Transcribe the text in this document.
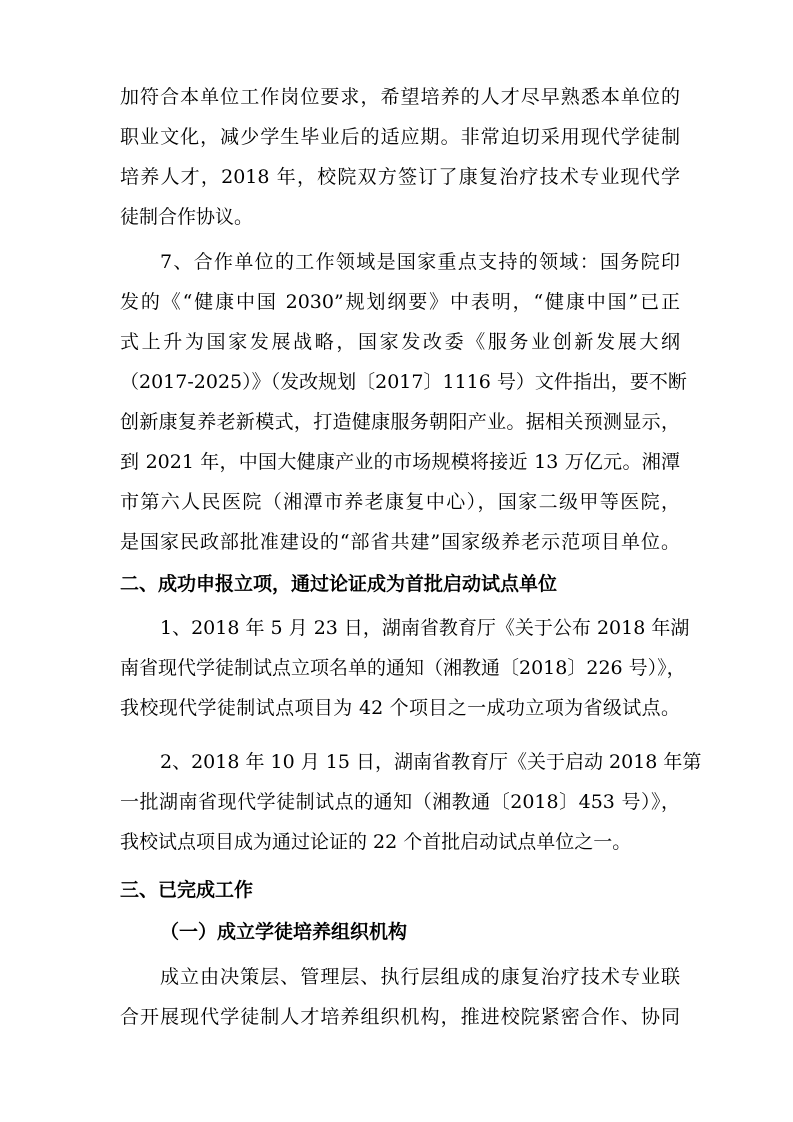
加符合本单位工作岗位要求，希望培养的人才尽早熟悉本单位的
职业文化，减少学生毕业后的适应期。非常迫切采用现代学徒制
培养人才，2018 年，校院双方签订了康复治疗技术专业现代学
徒制合作协议。
7、合作单位的工作领域是国家重点支持的领域：国务院印
发的《“健康中国 2030”规划纲要》中表明，“健康中国”已正
式上升为国家发展战略，国家发改委《服务业创新发展大纲
（2017-2025）》（发改规划〔2017〕1116 号）文件指出，要不断
创新康复养老新模式，打造健康服务朝阳产业。据相关预测显示，
到 2021 年，中国大健康产业的市场规模将接近 13 万亿元。湘潭
市第六人民医院（湘潭市养老康复中心），国家二级甲等医院，
是国家民政部批准建设的“部省共建”国家级养老示范项目单位。
二、成功申报立项，通过论证成为首批启动试点单位
1、2018 年 5 月 23 日，湖南省教育厅《关于公布 2018 年湖
南省现代学徒制试点立项名单的通知（湘教通〔2018〕226 号）》，
我校现代学徒制试点项目为 42 个项目之一成功立项为省级试点。
2、2018 年 10 月 15 日，湖南省教育厅《关于启动 2018 年第
一批湖南省现代学徒制试点的通知（湘教通〔2018〕453 号）》，
我校试点项目成为通过论证的 22 个首批启动试点单位之一。
三、已完成工作
（一）成立学徒培养组织机构
成立由决策层、管理层、执行层组成的康复治疗技术专业联
合开展现代学徒制人才培养组织机构，推进校院紧密合作、协同
